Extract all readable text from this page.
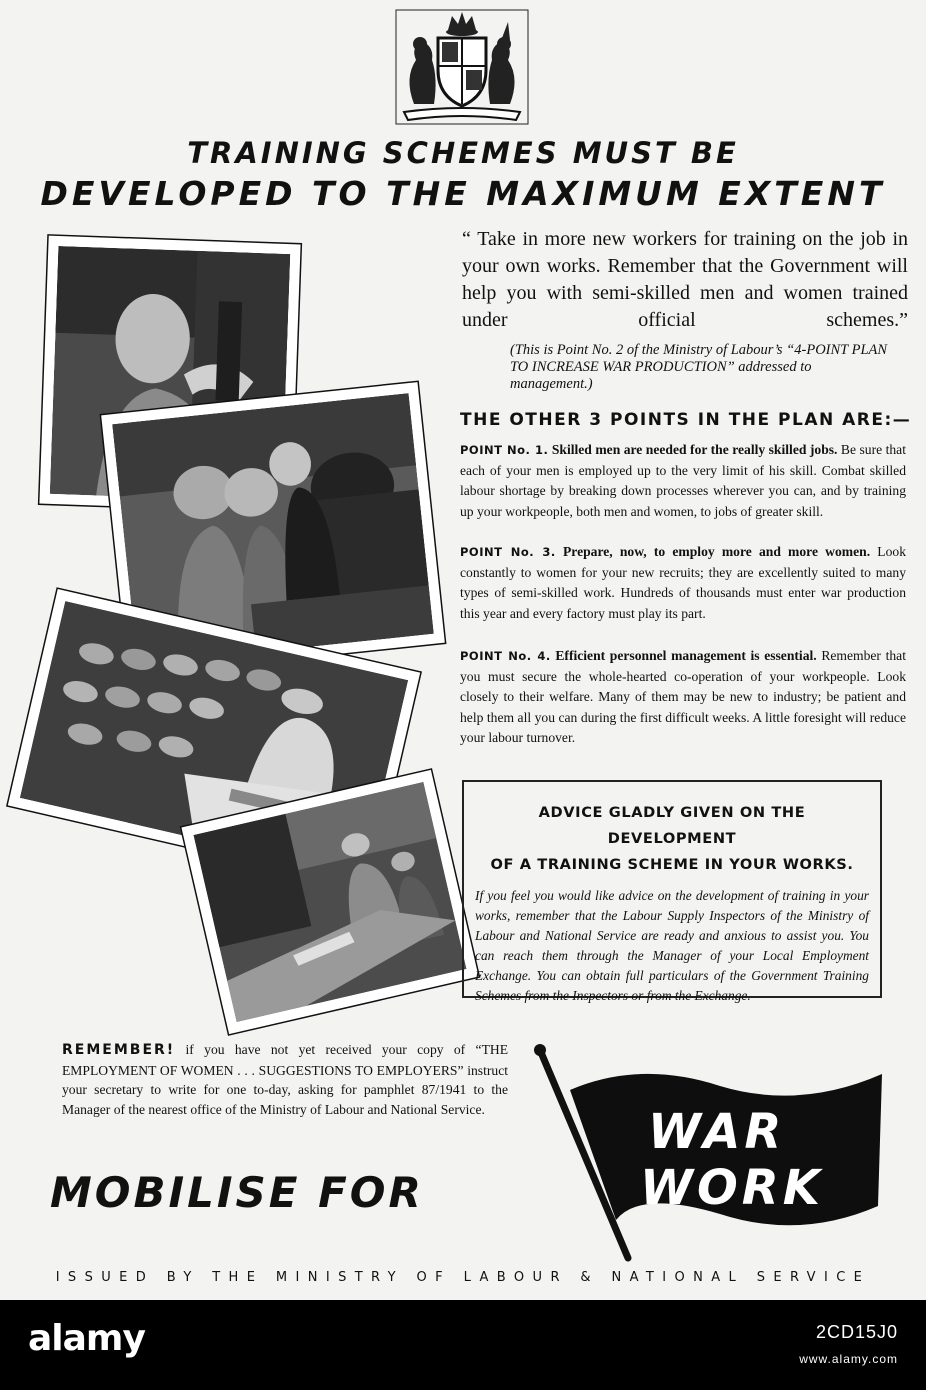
TRAINING SCHEMES MUST BE
DEVELOPED TO THE MAXIMUM EXTENT

“ Take in more new workers for training on the job in your own works. Remember that the Government will help you with semi-skilled men and women trained under official schemes.”

(This is Point No. 2 of the Ministry of Labour’s “4-POINT PLAN TO INCREASE WAR PRODUCTION” addressed to management.)
THE OTHER 3 POINTS IN THE PLAN ARE:—
POINT No. 1. Skilled men are needed for the really skilled jobs. Be sure that each of your men is employed up to the very limit of his skill. Combat skilled labour shortage by breaking down processes wherever you can, and by training up your workpeople, both men and women, to jobs of greater skill.
POINT No. 3. Prepare, now, to employ more and more women. Look constantly to women for your new recruits; they are excellently suited to many types of semi-skilled work. Hundreds of thousands must enter war production this year and every factory must play its part.
POINT No. 4. Efficient personnel management is essential. Remember that you must secure the whole-hearted co-operation of your workpeople. Look closely to their welfare. Many of them may be new to industry; be patient and help them all you can during the first difficult weeks. A little foresight will reduce your labour turnover.
ADVICE GLADLY GIVEN ON THE DEVELOPMENT
OF A TRAINING SCHEME IN YOUR WORKS.
If you feel you would like advice on the development of training in your works, remember that the Labour Supply Inspectors of the Ministry of Labour and National Service are ready and anxious to assist you. You can reach them through the Manager of your Local Employment Exchange. You can obtain full particulars of the Government Training Schemes from the Inspectors or from the Exchange.
REMEMBER! if you have not yet received your copy of “THE EMPLOYMENT OF WOMEN . . . SUGGESTIONS TO EMPLOYERS” instruct your secretary to write for one to-day, asking for pamphlet 87/1941 to the Manager of the nearest office of the Ministry of Labour and National Service.
MOBILISE FOR
WAR
WORK
ISSUED BY THE MINISTRY OF LABOUR & NATIONAL SERVICE
alamy	2CD15J0
www.alamy.com
